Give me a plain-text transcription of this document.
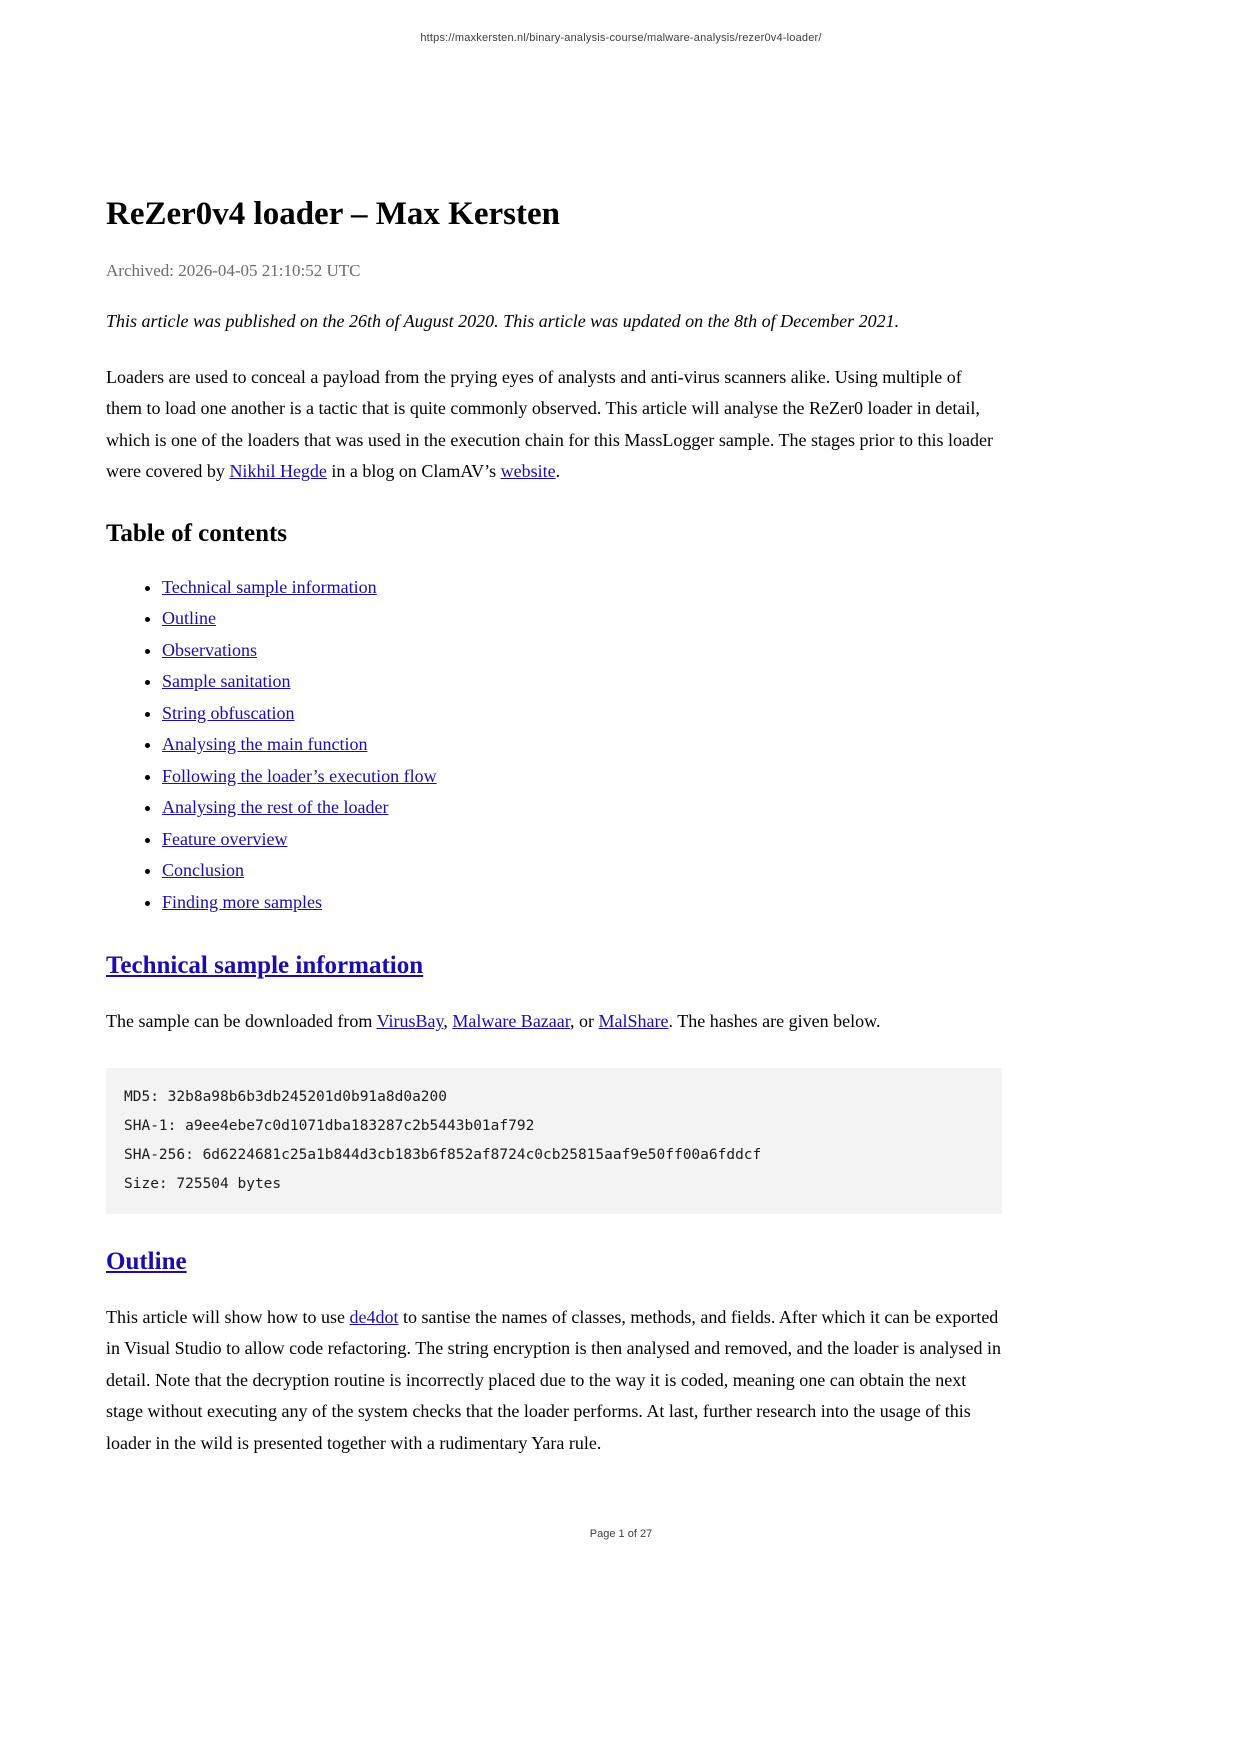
https://maxkersten.nl/binary-analysis-course/malware-analysis/rezer0v4-loader/
ReZer0v4 loader – Max Kersten

Archived: 2026-04-05 21:10:52 UTC

This article was published on the 26th of August 2020. This article was updated on the 8th of December 2021.

Loaders are used to conceal a payload from the prying eyes of analysts and anti-virus scanners alike. Using multiple of them to load one another is a tactic that is quite commonly observed. This article will analyse the ReZer0 loader in detail, which is one of the loaders that was used in the execution chain for this MassLogger sample. The stages prior to this loader were covered by Nikhil Hegde in a blog on ClamAV’s website.

Table of contents
• Technical sample information
• Outline
• Observations
• Sample sanitation
• String obfuscation
• Analysing the main function
• Following the loader’s execution flow
• Analysing the rest of the loader
• Feature overview
• Conclusion
• Finding more samples
Technical sample information

The sample can be downloaded from VirusBay, Malware Bazaar, or MalShare. The hashes are given below.

MD5: 32b8a98b6b3db245201d0b91a8d0a200
SHA-1: a9ee4ebe7c0d1071dba183287c2b5443b01af792
SHA-256: 6d6224681c25a1b844d3cb183b6f852af8724c0cb25815aaf9e50ff00a6fddcf
Size: 725504 bytes
Outline

This article will show how to use de4dot to santise the names of classes, methods, and fields. After which it can be exported in Visual Studio to allow code refactoring. The string encryption is then analysed and removed, and the loader is analysed in detail. Note that the decryption routine is incorrectly placed due to the way it is coded, meaning one can obtain the next stage without executing any of the system checks that the loader performs. At last, further research into the usage of this loader in the wild is presented together with a rudimentary Yara rule.

Page 1 of 27
